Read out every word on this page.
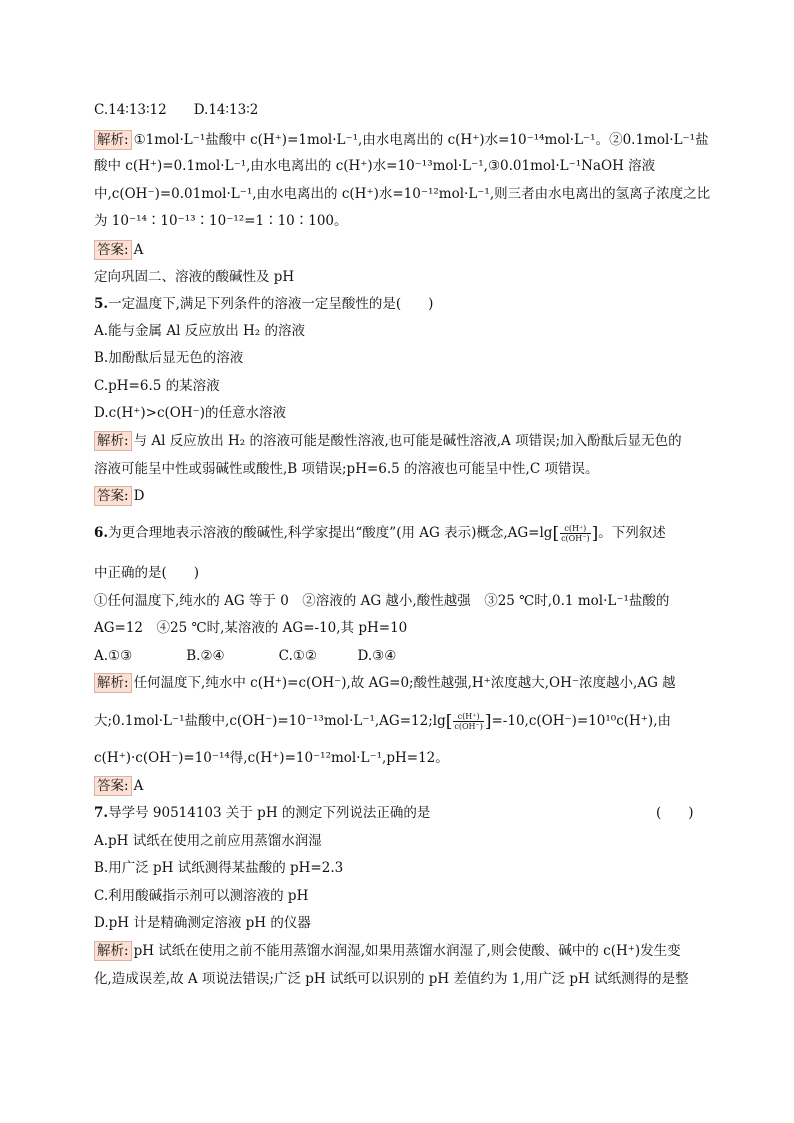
C.14∶13∶12　　D.14∶13∶2
解析: ①1mol·L⁻¹盐酸中 c(H⁺)=1mol·L⁻¹,由水电离出的 c(H⁺)水=10⁻¹⁴mol·L⁻¹。②0.1mol·L⁻¹盐
酸中 c(H⁺)=0.1mol·L⁻¹,由水电离出的 c(H⁺)水=10⁻¹³mol·L⁻¹,③0.01mol·L⁻¹NaOH 溶液
中,c(OH⁻)=0.01mol·L⁻¹,由水电离出的 c(H⁺)水=10⁻¹²mol·L⁻¹,则三者由水电离出的氢离子浓度之比
为 10⁻¹⁴∶10⁻¹³∶10⁻¹²=1∶10∶100。
答案: A
定向巩固二、溶液的酸碱性及 pH
5.一定温度下,满足下列条件的溶液一定呈酸性的是(　　)
A.能与金属 Al 反应放出 H₂ 的溶液
B.加酚酞后显无色的溶液
C.pH=6.5 的某溶液
D.c(H⁺)>c(OH⁻)的任意水溶液
解析: 与 Al 反应放出 H₂ 的溶液可能是酸性溶液,也可能是碱性溶液,A 项错误;加入酚酞后显无色的
溶液可能呈中性或弱碱性或酸性,B 项错误;pH=6.5 的溶液也可能呈中性,C 项错误。
答案: D
6.为更合理地表示溶液的酸碱性,科学家提出“酸度”(用 AG 表示)概念$,AG=\lg[ \frac{c(H^+)}{c(OH^-)}$ ]。下列叙述
中正确的是(　　)
①任何温度下,纯水的 AG 等于 0　②溶液的 AG 越小,酸性越强　③25 ℃时,0.1 mol·L⁻¹盐酸的
AG=12　④25 ℃时,某溶液的 AG=-10,其 pH=10
A.①③　　　　B.②④　　　　C.①②　　　D.③④
解析: 任何温度下,纯水中 c(H⁺)=c(OH⁻),故 AG=0;酸性越强,H⁺浓度越大,OH⁻浓度越小,AG 越
大;0.1mol·L⁻¹盐酸中,c(OH⁻)=10⁻¹³mol·L⁻¹,AG=12;lg[ $\frac{c(H^+)}{c(OH^-)} ]=-10,c(OH^-)=10^{10}c(H^+)$,由
c(H⁺)·c(OH⁻)=10⁻¹⁴得,c(H⁺)=10⁻¹²mol·L⁻¹,pH=12。
答案: A
7.导学号 90514103 关于 pH 的测定下列说法正确的是	(　　)
A.pH 试纸在使用之前应用蒸馏水润湿
B.用广泛 pH 试纸测得某盐酸的 pH=2.3
C.利用酸碱指示剂可以测溶液的 pH
D.pH 计是精确测定溶液 pH 的仪器
解析: pH 试纸在使用之前不能用蒸馏水润湿,如果用蒸馏水润湿了,则会使酸、碱中的 c(H⁺)发生变
化,造成误差,故 A 项说法错误;广泛 pH 试纸可以识别的 pH 差值约为 1,用广泛 pH 试纸测得的是整
